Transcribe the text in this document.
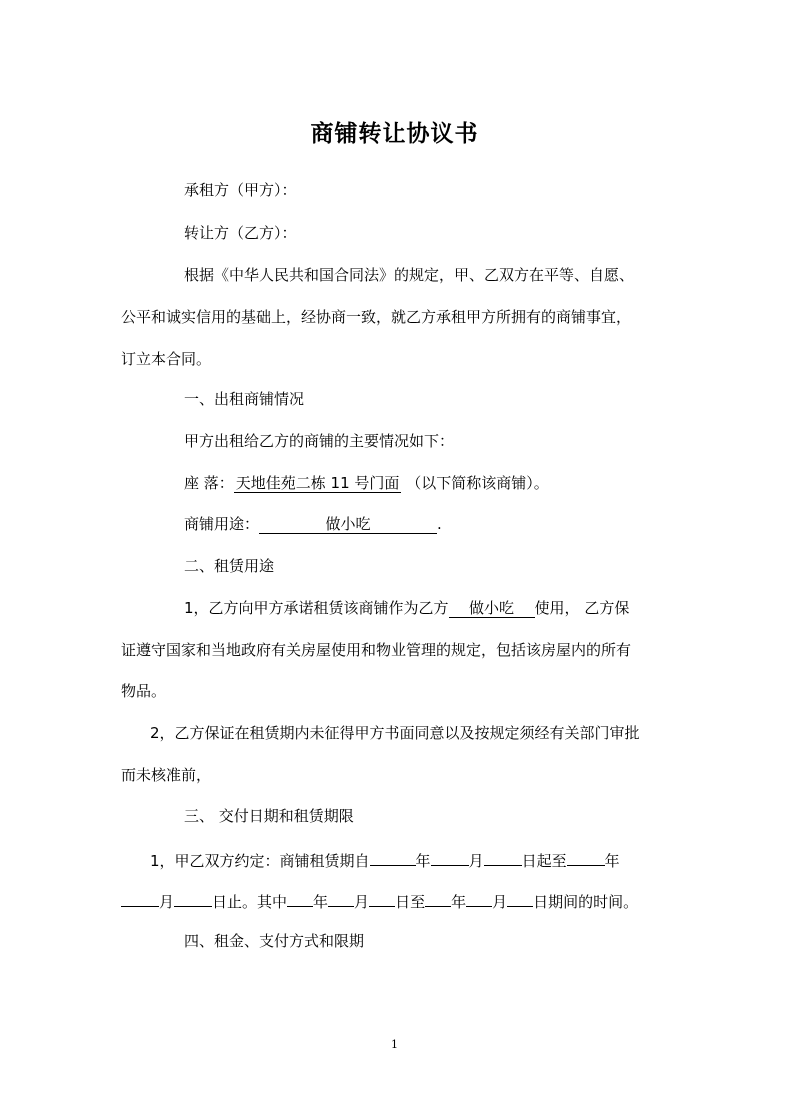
商铺转让协议书
承租方（甲方）：
转让方（乙方）：
根据《中华人民共和国合同法》的规定，甲、乙双方在平等、自愿、
公平和诚实信用的基础上，经协商一致，就乙方承租甲方所拥有的商铺事宜，
订立本合同。
一、出租商铺情况
甲方出租给乙方的商铺的主要情况如下：
座 落： 天地佳苑二栋 11 号门面 （以下简称该商铺）。
商铺用途：	做小吃	.
二、租赁用途
1，乙方向甲方承诺租赁该商铺作为乙方 做小吃 使用， 乙方保
证遵守国家和当地政府有关房屋使用和物业管理的规定，包括该房屋内的所有
物品。
2，乙方保证在租赁期内未征得甲方书面同意以及按规定须经有关部门审批
而未核准前，
三、 交付日期和租赁期限
1，甲乙双方约定：商铺租赁期自	年	月	日起至	年
月	日止。其中 年 月 日至 年 月 日期间的时间。
四、租金、支付方式和限期
1
